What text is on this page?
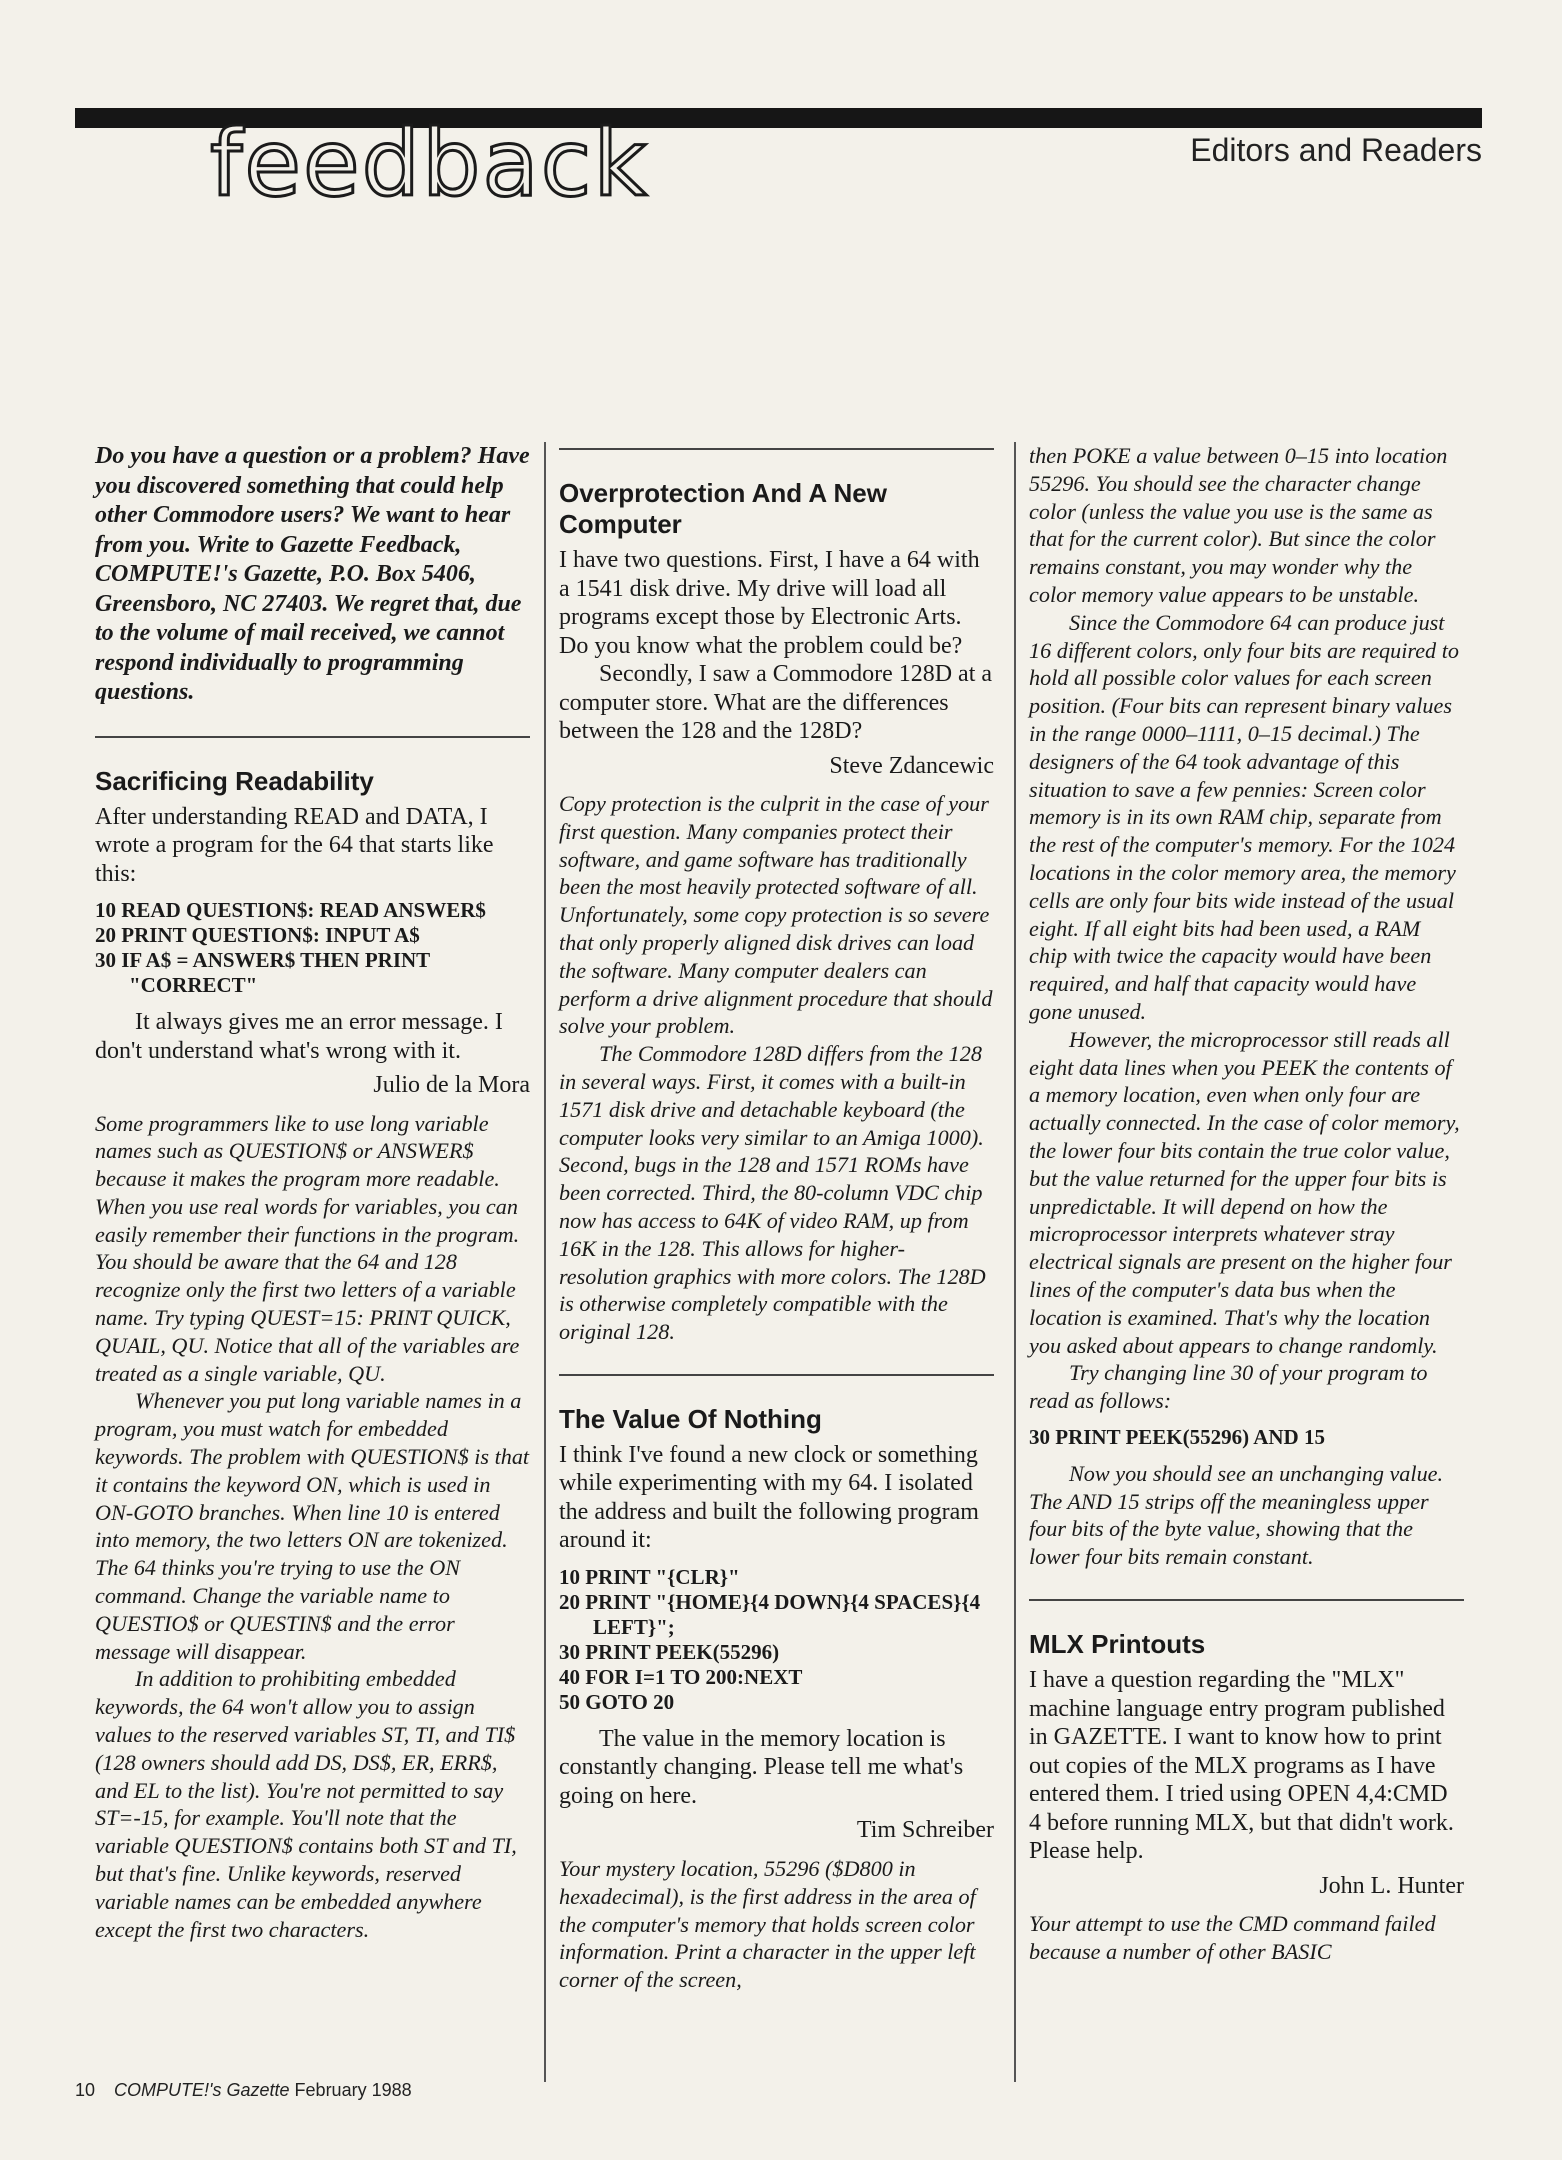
feedback	Editors and Readers

Do you have a question or a problem? Have you discovered something that could help other Commodore users? We want to hear from you. Write to Gazette Feedback, COMPUTE!'s Gazette, P.O. Box 5406, Greensboro, NC 27403. We regret that, due to the volume of mail received, we cannot respond individually to programming questions.

Sacrificing Readability

After understanding READ and DATA, I wrote a program for the 64 that starts like this:

10 READ QUESTION$: READ ANSWER$
20 PRINT QUESTION$: INPUT A$
30 IF A$ = ANSWER$ THEN PRINT "CORRECT"

It always gives me an error message. I don't understand what's wrong with it.

Julio de la Mora

Some programmers like to use long variable names such as QUESTION$ or ANSWER$ because it makes the program more readable. When you use real words for variables, you can easily remember their functions in the program. You should be aware that the 64 and 128 recognize only the first two letters of a variable name. Try typing QUEST=15: PRINT QUICK, QUAIL, QU. Notice that all of the variables are treated as a single variable, QU.

Whenever you put long variable names in a program, you must watch for embedded keywords. The problem with QUESTION$ is that it contains the keyword ON, which is used in ON-GOTO branches. When line 10 is entered into memory, the two letters ON are tokenized. The 64 thinks you're trying to use the ON command. Change the variable name to QUESTIO$ or QUESTIN$ and the error message will disappear.

In addition to prohibiting embedded keywords, the 64 won't allow you to assign values to the reserved variables ST, TI, and TI$ (128 owners should add DS, DS$, ER, ERR$, and EL to the list). You're not permitted to say ST=-15, for example. You'll note that the variable QUESTION$ contains both ST and TI, but that's fine. Unlike keywords, reserved variable names can be embedded anywhere except the first two characters.

Overprotection And A New Computer

I have two questions. First, I have a 64 with a 1541 disk drive. My drive will load all programs except those by Electronic Arts. Do you know what the problem could be?

Secondly, I saw a Commodore 128D at a computer store. What are the differences between the 128 and the 128D?

Steve Zdancewic

Copy protection is the culprit in the case of your first question. Many companies protect their software, and game software has traditionally been the most heavily protected software of all. Unfortunately, some copy protection is so severe that only properly aligned disk drives can load the software. Many computer dealers can perform a drive alignment procedure that should solve your problem.

The Commodore 128D differs from the 128 in several ways. First, it comes with a built-in 1571 disk drive and detachable keyboard (the computer looks very similar to an Amiga 1000). Second, bugs in the 128 and 1571 ROMs have been corrected. Third, the 80-column VDC chip now has access to 64K of video RAM, up from 16K in the 128. This allows for higher-resolution graphics with more colors. The 128D is otherwise completely compatible with the original 128.

The Value Of Nothing

I think I've found a new clock or something while experimenting with my 64. I isolated the address and built the following program around it:

10 PRINT "{CLR}"
20 PRINT "{HOME}{4 DOWN}{4 SPACES}{4 LEFT}";
30 PRINT PEEK(55296)
40 FOR I=1 TO 200:NEXT
50 GOTO 20

The value in the memory location is constantly changing. Please tell me what's going on here.

Tim Schreiber

Your mystery location, 55296 ($D800 in hexadecimal), is the first address in the area of the computer's memory that holds screen color information. Print a character in the upper left corner of the screen,

then POKE a value between 0–15 into location 55296. You should see the character change color (unless the value you use is the same as that for the current color). But since the color remains constant, you may wonder why the color memory value appears to be unstable.

Since the Commodore 64 can produce just 16 different colors, only four bits are required to hold all possible color values for each screen position. (Four bits can represent binary values in the range 0000–1111, 0–15 decimal.) The designers of the 64 took advantage of this situation to save a few pennies: Screen color memory is in its own RAM chip, separate from the rest of the computer's memory. For the 1024 locations in the color memory area, the memory cells are only four bits wide instead of the usual eight. If all eight bits had been used, a RAM chip with twice the capacity would have been required, and half that capacity would have gone unused.

However, the microprocessor still reads all eight data lines when you PEEK the contents of a memory location, even when only four are actually connected. In the case of color memory, the lower four bits contain the true color value, but the value returned for the upper four bits is unpredictable. It will depend on how the microprocessor interprets whatever stray electrical signals are present on the higher four lines of the computer's data bus when the location is examined. That's why the location you asked about appears to change randomly.

Try changing line 30 of your program to read as follows:

30 PRINT PEEK(55296) AND 15

Now you should see an unchanging value. The AND 15 strips off the meaningless upper four bits of the byte value, showing that the lower four bits remain constant.

MLX Printouts

I have a question regarding the "MLX" machine language entry program published in GAZETTE. I want to know how to print out copies of the MLX programs as I have entered them. I tried using OPEN 4,4:CMD 4 before running MLX, but that didn't work. Please help.

John L. Hunter

Your attempt to use the CMD command failed because a number of other BASIC

10 COMPUTE!'s Gazette February 1988
